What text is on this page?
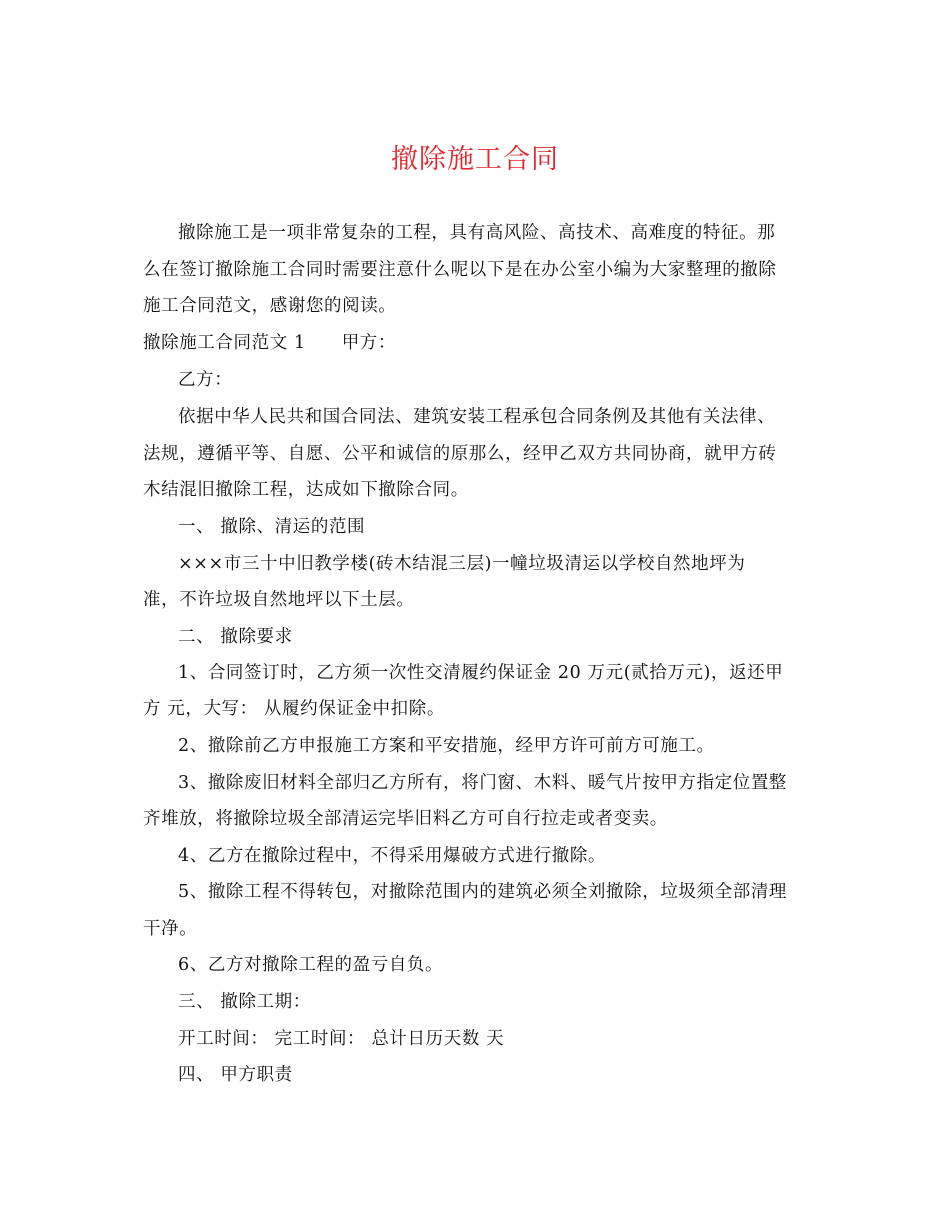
撤除施工合同
撤除施工是一项非常复杂的工程，具有高风险、高技术、高难度的特征。那
么在签订撤除施工合同时需要注意什么呢以下是在办公室小编为大家整理的撤除
施工合同范文，感谢您的阅读。
撤除施工合同范文 1 甲方：
乙方：
依据中华人民共和国合同法、建筑安装工程承包合同条例及其他有关法律、
法规，遵循平等、自愿、公平和诚信的原那么，经甲乙双方共同协商，就甲方砖
木结混旧撤除工程，达成如下撤除合同。
一、 撤除、清运的范围
×××市三十中旧教学楼(砖木结混三层)一幢垃圾清运以学校自然地坪为
准，不许垃圾自然地坪以下土层。
二、 撤除要求
1、合同签订时，乙方须一次性交清履约保证金 20 万元(贰拾万元)，返还甲
方 元，大写： 从履约保证金中扣除。
2、撤除前乙方申报施工方案和平安措施，经甲方许可前方可施工。
3、撤除废旧材料全部归乙方所有，将门窗、木料、暖气片按甲方指定位置整
齐堆放，将撤除垃圾全部清运完毕旧料乙方可自行拉走或者变卖。
4、乙方在撤除过程中，不得采用爆破方式进行撤除。
5、撤除工程不得转包，对撤除范围内的建筑必须全刘撤除，垃圾须全部清理
干净。
6、乙方对撤除工程的盈亏自负。
三、 撤除工期：
开工时间： 完工时间： 总计日历天数 天
四、 甲方职责
